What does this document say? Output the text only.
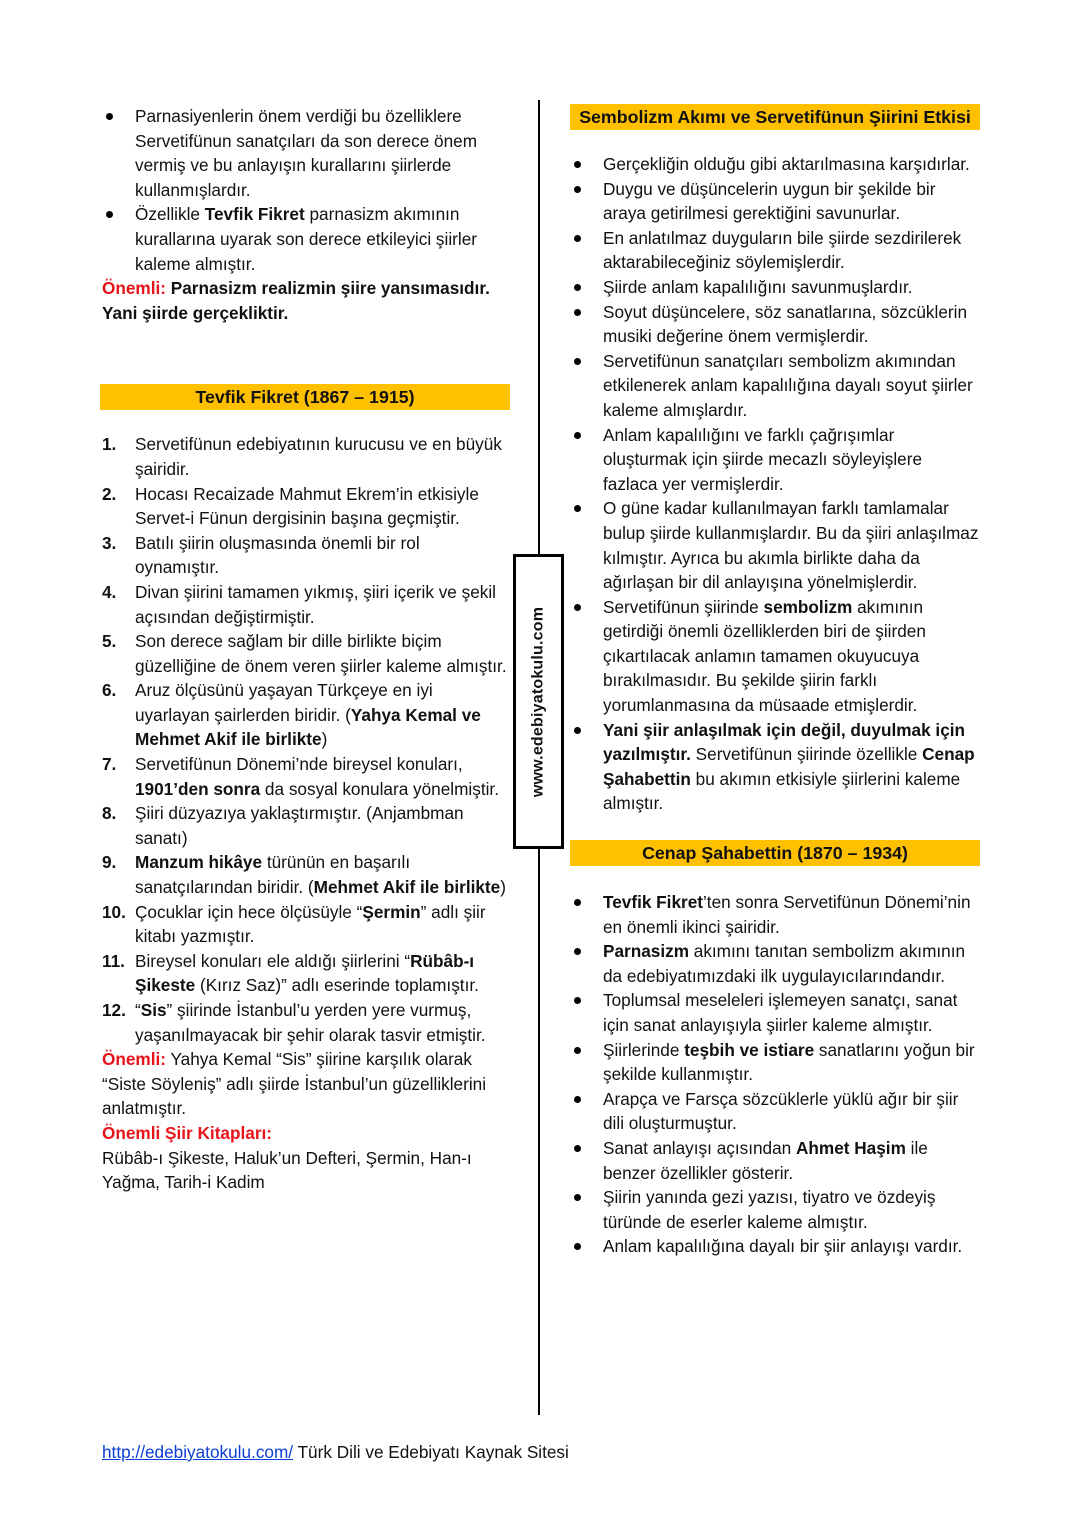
Parnasiyenlerin önem verdiği bu özelliklere Servetifünun sanatçıları da son derece önem vermiş ve bu anlayışın kurallarını şiirlerde kullanmışlardır.
Özellikle Tevfik Fikret parnasizm akımının kurallarına uyarak son derece etkileyici şiirler kaleme almıştır.

Önemli: Parnasizm realizmin şiire yansımasıdır. Yani şiirde gerçekliktir.

Tevfik Fikret (1867 – 1915)
1. Servetifünun edebiyatının kurucusu ve en büyük şairidir.
2. Hocası Recaizade Mahmut Ekrem’in etkisiyle Servet-i Fünun dergisinin başına geçmiştir.
3. Batılı şiirin oluşmasında önemli bir rol oynamıştır.
4. Divan şiirini tamamen yıkmış, şiiri içerik ve şekil açısından değiştirmiştir.
5. Son derece sağlam bir dille birlikte biçim güzelliğine de önem veren şiirler kaleme almıştır.
6. Aruz ölçüsünü yaşayan Türkçeye en iyi uyarlayan şairlerden biridir. (Yahya Kemal ve Mehmet Akif ile birlikte)
7. Servetifünun Dönemi’nde bireysel konuları, 1901’den sonra da sosyal konulara yönelmiştir.
8. Şiiri düzyazıya yaklaştırmıştır. (Anjambman sanatı)
9. Manzum hikâye türünün en başarılı sanatçılarından biridir. (Mehmet Akif ile birlikte)
10. Çocuklar için hece ölçüsüyle “Şermin” adlı şiir kitabı yazmıştır.
11. Bireysel konuları ele aldığı şiirlerini “Rübâb-ı Şikeste (Kırız Saz)” adlı eserinde toplamıştır.
12. “Sis” şiirinde İstanbul’u yerden yere vurmuş, yaşanılmayacak bir şehir olarak tasvir etmiştir.

Önemli: Yahya Kemal “Sis” şiirine karşılık olarak “Siste Söyleniş” adlı şiirde İstanbul’un güzelliklerini anlatmıştır.

Önemli Şiir Kitapları:

Rübâb-ı Şikeste, Haluk’un Defteri, Şermin, Han-ı Yağma, Tarih-i Kadim

www.edebiyatokulu.com
Sembolizm Akımı ve Servetifünun Şiirini Etkisi
Gerçekliğin olduğu gibi aktarılmasına karşıdırlar.
Duygu ve düşüncelerin uygun bir şekilde bir araya getirilmesi gerektiğini savunurlar.
En anlatılmaz duyguların bile şiirde sezdirilerek aktarabileceğiniz söylemişlerdir.
Şiirde anlam kapalılığını savunmuşlardır.
Soyut düşüncelere, söz sanatlarına, sözcüklerin musiki değerine önem vermişlerdir.
Servetifünun sanatçıları sembolizm akımından etkilenerek anlam kapalılığına dayalı soyut şiirler kaleme almışlardır.
Anlam kapalılığını ve farklı çağrışımlar oluşturmak için şiirde mecazlı söyleyişlere fazlaca yer vermişlerdir.
O güne kadar kullanılmayan farklı tamlamalar bulup şiirde kullanmışlardır. Bu da şiiri anlaşılmaz kılmıştır. Ayrıca bu akımla birlikte daha da ağırlaşan bir dil anlayışına yönelmişlerdir.
Servetifünun şiirinde sembolizm akımının getirdiği önemli özelliklerden biri de şiirden çıkartılacak anlamın tamamen okuyucuya bırakılmasıdır. Bu şekilde şiirin farklı yorumlanmasına da müsaade etmişlerdir.
Yani şiir anlaşılmak için değil, duyulmak için yazılmıştır. Servetifünun şiirinde özellikle Cenap Şahabettin bu akımın etkisiyle şiirlerini kaleme almıştır.
Cenap Şahabettin (1870 – 1934)
Tevfik Fikret’ten sonra Servetifünun Dönemi’nin en önemli ikinci şairidir.
Parnasizm akımını tanıtan sembolizm akımının da edebiyatımızdaki ilk uygulayıcılarındandır.
Toplumsal meseleleri işlemeyen sanatçı, sanat için sanat anlayışıyla şiirler kaleme almıştır.
Şiirlerinde teşbih ve istiare sanatlarını yoğun bir şekilde kullanmıştır.
Arapça ve Farsça sözcüklerle yüklü ağır bir şiir dili oluşturmuştur.
Sanat anlayışı açısından Ahmet Haşim ile benzer özellikler gösterir.
Şiirin yanında gezi yazısı, tiyatro ve özdeyiş türünde de eserler kaleme almıştır.
Anlam kapalılığına dayalı bir şiir anlayışı vardır.
http://edebiyatokulu.com/ Türk Dili ve Edebiyatı Kaynak Sitesi
